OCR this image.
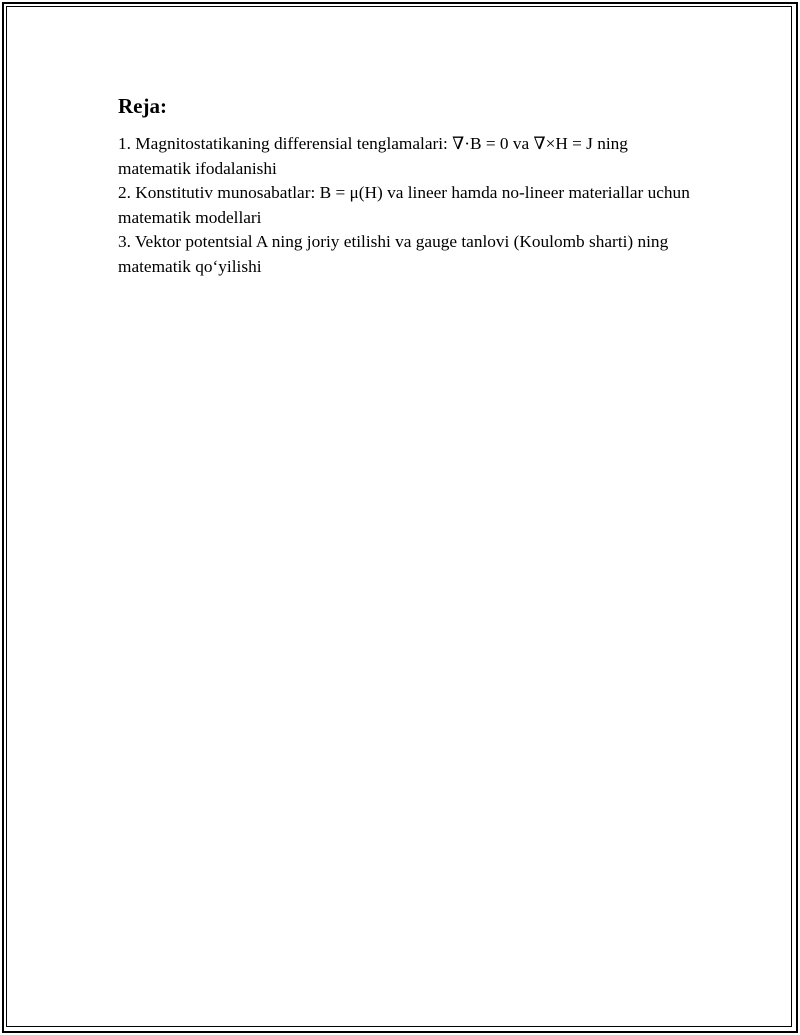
Reja:
1. Magnitostatikaning differensial tenglamalari: ∇·B = 0 va ∇×H = J ning matematik ifodalanishi
2. Konstitutiv munosabatlar: B = μ(H) va lineer hamda no-lineer materiallar uchun matematik modellari
3. Vektor potentsial A ning joriy etilishi va gauge tanlovi (Koulomb sharti) ning matematik qo‘yilishi
